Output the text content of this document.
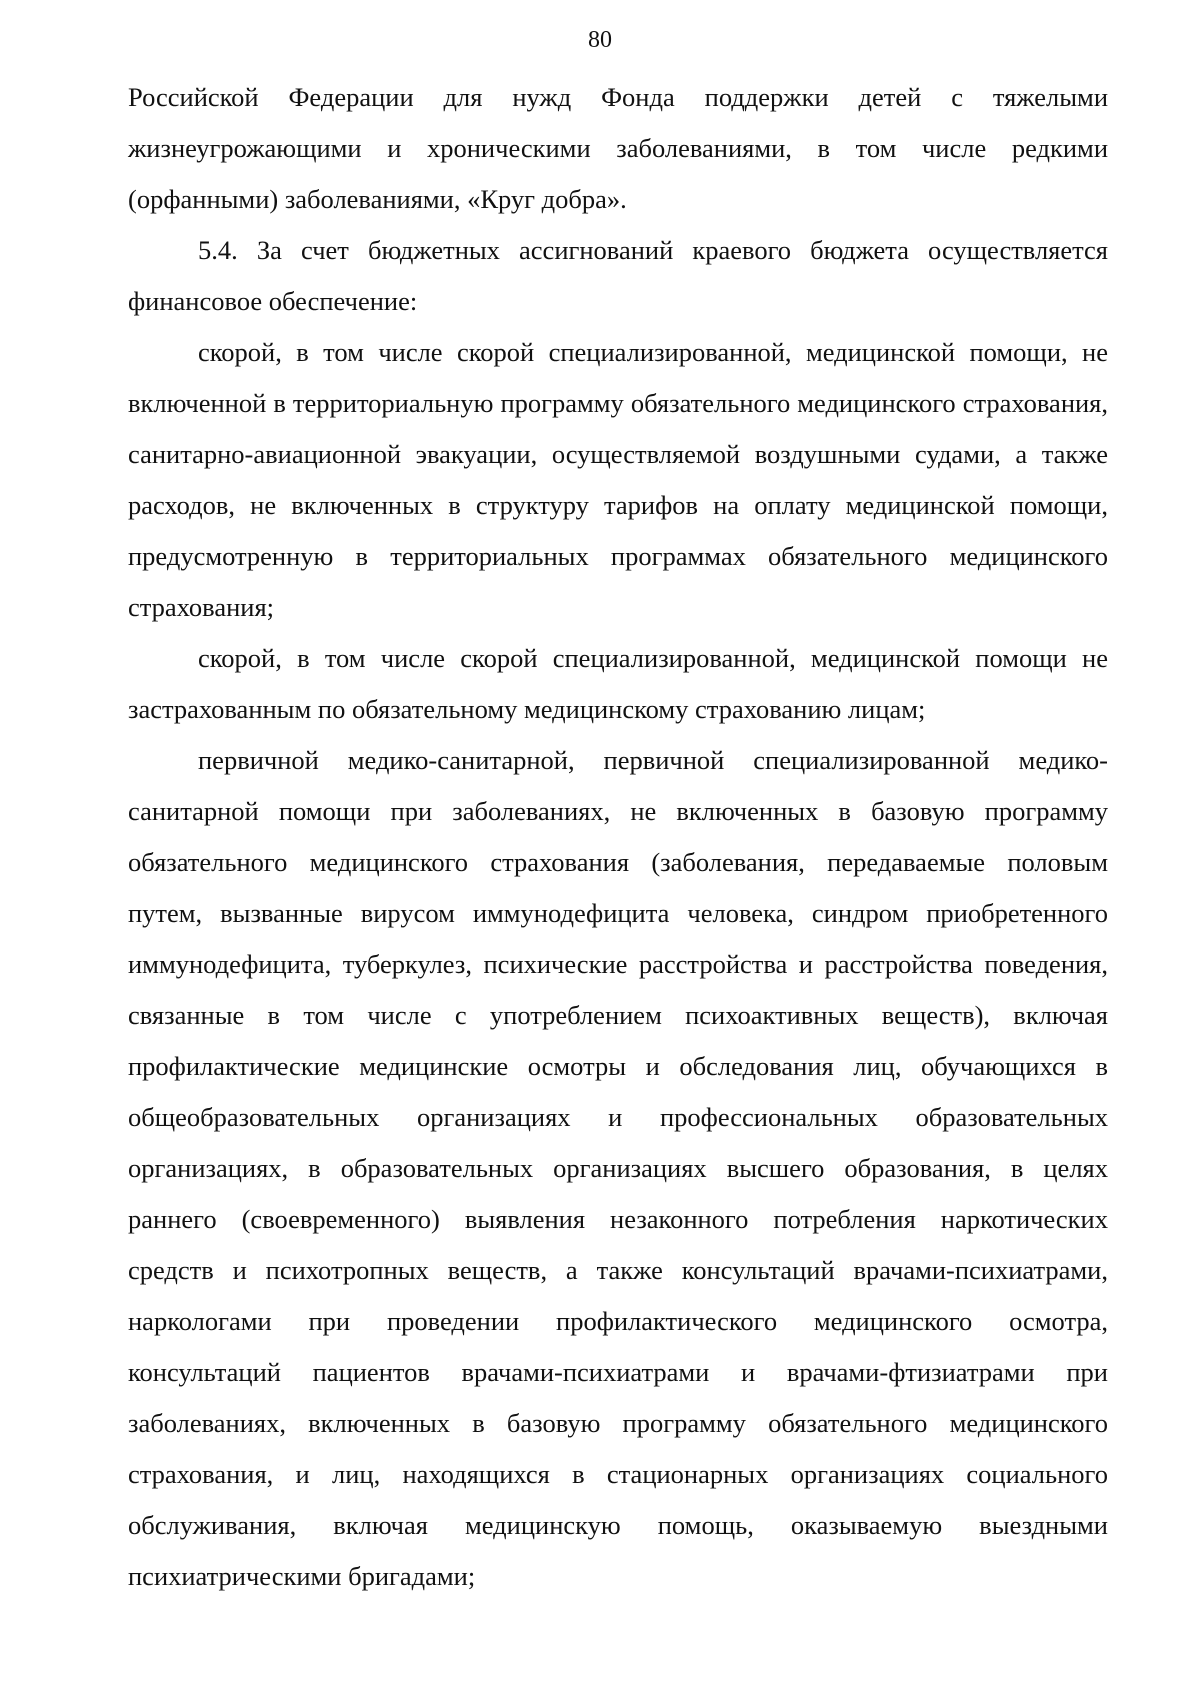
80

Российской Федерации для нужд Фонда поддержки детей с тяжелыми жизнеугрожающими и хроническими заболеваниями, в том числе редкими (орфанными) заболеваниями, «Круг добра».

5.4. За счет бюджетных ассигнований краевого бюджета осуществляется финансовое обеспечение:

скорой, в том числе скорой специализированной, медицинской помощи, не включенной в территориальную программу обязательного медицинского страхования, санитарно-авиационной эвакуации, осуществляемой воздушными судами, а также расходов, не включенных в структуру тарифов на оплату медицинской помощи, предусмотренную в территориальных программах обязательного медицинского страхования;

скорой, в том числе скорой специализированной, медицинской помощи не застрахованным по обязательному медицинскому страхованию лицам;

первичной медико-санитарной, первичной специализированной медико-санитарной помощи при заболеваниях, не включенных в базовую программу обязательного медицинского страхования (заболевания, передаваемые половым путем, вызванные вирусом иммунодефицита человека, синдром приобретенного иммунодефицита, туберкулез, психические расстройства и расстройства поведения, связанные в том числе с употреблением психоактивных веществ), включая профилактические медицинские осмотры и обследования лиц, обучающихся в общеобразовательных организациях и профессиональных образовательных организациях, в образовательных организациях высшего образования, в целях раннего (своевременного) выявления незаконного потребления наркотических средств и психотропных веществ, а также консультаций врачами-психиатрами, наркологами при проведении профилактического медицинского осмотра, консультаций пациентов врачами-психиатрами и врачами-фтизиатрами при заболеваниях, включенных в базовую программу обязательного медицинского страхования, и лиц, находящихся в стационарных организациях социального обслуживания, включая медицинскую помощь, оказываемую выездными психиатрическими бригадами;
